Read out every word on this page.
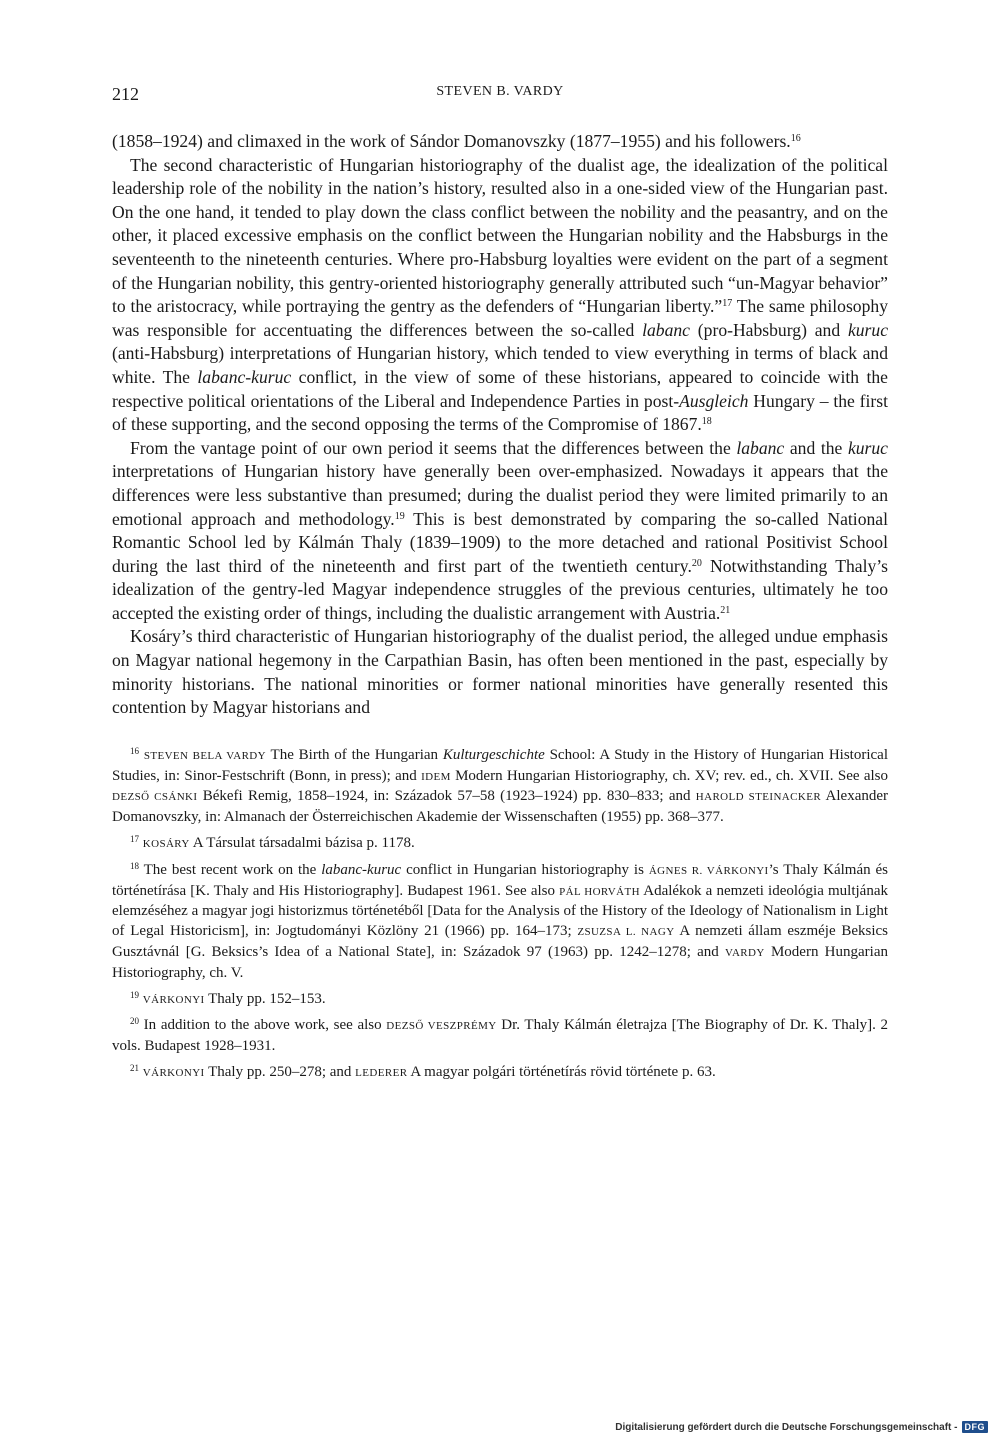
212	STEVEN B. VARDY

(1858–1924) and climaxed in the work of Sándor Domanovszky (1877–1955) and his followers.$^{16}$

The second characteristic of Hungarian historiography of the dualist age, the idealization of the political leadership role of the nobility in the nation’s history, resulted also in a one-sided view of the Hungarian past. On the one hand, it tended to play down the class conflict between the nobility and the peasantry, and on the other, it placed excessive emphasis on the conflict between the Hungarian nobility and the Habsburgs in the seventeenth to the nineteenth centuries. Where pro-Habsburg loyalties were evident on the part of a segment of the Hungarian nobility, this gentry-oriented historiography generally attributed such “un-Magyar behavior” to the aristocracy, while portraying the gentry as the defenders of “Hungarian liberty.”$^{17}$ The same philosophy was responsible for accentuating the differences between the so-called labanc (pro-Habsburg) and kuruc (anti-Habsburg) interpretations of Hungarian history, which tended to view everything in terms of black and white. The labanc-kuruc conflict, in the view of some of these historians, appeared to coincide with the respective political orientations of the Liberal and Independence Parties in post-Ausgleich Hungary – the first of these supporting, and the second opposing the terms of the Compromise of 1867.18

From the vantage point of our own period it seems that the differences between the labanc and the kuruc interpretations of Hungarian history have generally been over-emphasized. Nowadays it appears that the differences were less substantive than presumed; during the dualist period they were limited primarily to an emotional approach and methodology.$^{19}$ This is best demonstrated by comparing the so-called National Romantic School led by Kálmán Thaly (1839–1909) to the more detached and rational Positivist School during the last third of the nineteenth and first part of the twentieth century.$^{20}$ Notwithstanding Thaly’s idealization of the gentry-led Magyar independence struggles of the previous centuries, ultimately he too accepted the existing order of things, including the dualistic arrangement with Austria.$^{21}$

Kosáry’s third characteristic of Hungarian historiography of the dualist period, the alleged undue emphasis on Magyar national hegemony in the Carpathian Basin, has often been mentioned in the past, especially by minority historians. The national minorities or former national minorities have generally resented this contention by Magyar historians and

$^{16}$ STEVEN BELA VARDY The Birth of the Hungarian Kulturgeschichte School: A Study in the History of Hungarian Historical Studies, in: Sinor-Festschrift (Bonn, in press); and IDEM Modern Hungarian Historiography, ch. XV; rev. ed., ch. XVII. See also DEZSŐ CSÁNKI Békefi Remig, 1858–1924, in: Századok 57–58 (1923–1924) pp. 830–833; and HAROLD STEINACKER Alexander Domanovszky, in: Almanach der Österreichischen Akademie der Wissenschaften (1955) pp. 368–377.

$^{17}$ KOSÁRY A Társulat társadalmi bázisa p. 1178.

$^{18}$ The best recent work on the labanc-kuruc conflict in Hungarian historiography is ÁGNES R. VÁRKONYI’s Thaly Kálmán és történetírása [K. Thaly and His Historiography]. Budapest 1961. See also PÁL HORVÁTH Adalékok a nemzeti ideológia multjának elemzéséhez a magyar jogi historizmus történetéből [Data for the Analysis of the History of the Ideology of Nationalism in Light of Legal Historicism], in: Jogtudományi Közlöny 21 (1966) pp. 164–173; ZSUZSA L. NAGY A nemzeti állam eszméje Beksics Gusztávnál [G. Beksics’s Idea of a National State], in: Századok 97 (1963) pp. 1242–1278; and VARDY Modern Hungarian Historiography, ch. V.

$^{19}$ VÁRKONYI Thaly pp. 152–153.

$^{20}$ In addition to the above work, see also DEZSŐ VESZPRÉMY Dr. Thaly Kálmán életrajza [The Biography of Dr. K. Thaly]. 2 vols. Budapest 1928–1931.

$^{21}$ VÁRKONYI Thaly pp. 250–278; and LEDERER A magyar polgári történetírás rövid története p. 63.

Digitalisierung gefördert durch die Deutsche Forschungsgemeinschaft - DFG
